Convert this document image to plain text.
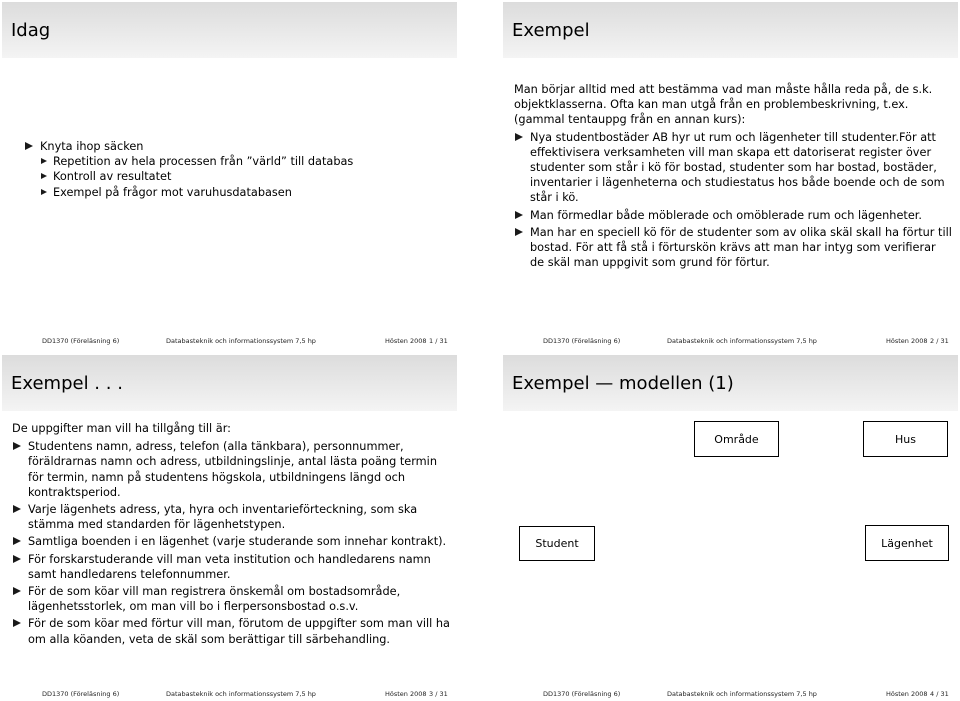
Idag
Knyta ihop säcken
Repetition av hela processen från ”värld” till databas
Kontroll av resultatet
Exempel på frågor mot varuhusdatabasen
DD1370 (Föreläsning 6)	Databasteknik och informationssystem 7,5 hp	Hösten 2008 1 / 31
Exempel

Man börjar alltid med att bestämma vad man måste hålla reda på, de s.k. objektklasserna. Ofta kan man utgå från en problembeskrivning, t.ex. (gammal tentauppg från en annan kurs):

Nya studentbostäder AB hyr ut rum och lägenheter till studenter.För att effektivisera verksamheten vill man skapa ett datoriserat register över studenter som står i kö för bostad, studenter som har bostad, bostäder, inventarier i lägenheterna och studiestatus hos både boende och de som står i kö.
Man förmedlar både möblerade och omöblerade rum och lägenheter.
Man har en speciell kö för de studenter som av olika skäl skall ha förtur till bostad. För att få stå i förturskön krävs att man har intyg som verifierar de skäl man uppgivit som grund för förtur.
DD1370 (Föreläsning 6)	Databasteknik och informationssystem 7,5 hp	Hösten 2008 2 / 31
Exempel . . .

De uppgifter man vill ha tillgång till är:

Studentens namn, adress, telefon (alla tänkbara), personnummer, föräldrarnas namn och adress, utbildningslinje, antal lästa poäng termin för termin, namn på studentens högskola, utbildningens längd och kontraktsperiod.
Varje lägenhets adress, yta, hyra och inventarieförteckning, som ska stämma med standarden för lägenhetstypen.
Samtliga boenden i en lägenhet (varje studerande som innehar kontrakt).
För forskarstuderande vill man veta institution och handledarens namn samt handledarens telefonnummer.
För de som köar vill man registrera önskemål om bostadsområde, lägenhetsstorlek, om man vill bo i flerpersonsbostad o.s.v.
För de som köar med förtur vill man, förutom de uppgifter som man vill ha om alla köanden, veta de skäl som berättigar till särbehandling.
DD1370 (Föreläsning 6)	Databasteknik och informationssystem 7,5 hp	Hösten 2008 3 / 31
Exempel — modellen (1)
Område	Hus
Student	Lägenhet
DD1370 (Föreläsning 6)	Databasteknik och informationssystem 7,5 hp	Hösten 2008 4 / 31
